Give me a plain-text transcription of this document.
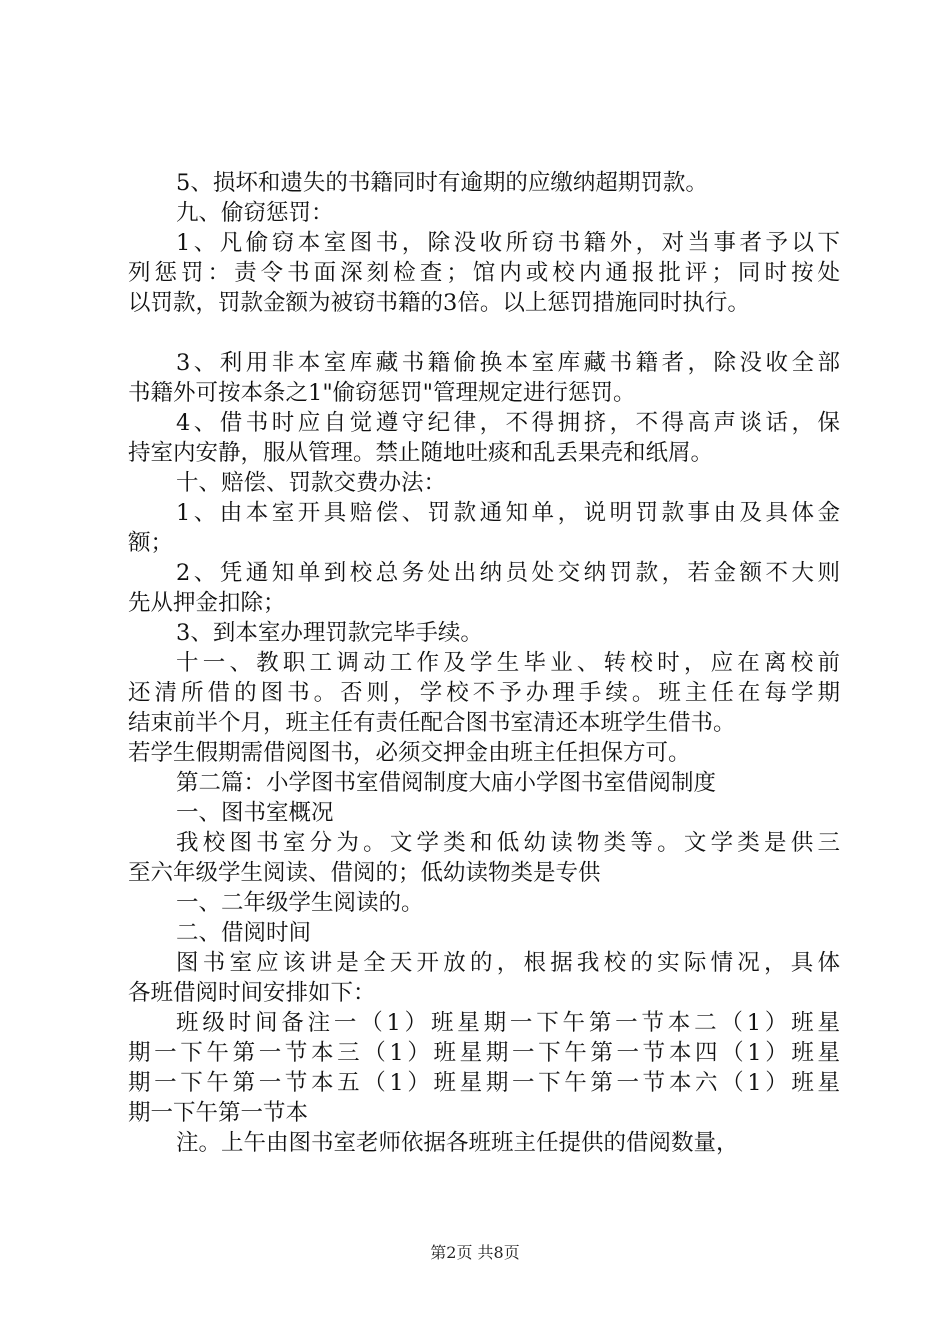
5、损坏和遗失的书籍同时有逾期的应缴纳超期罚款。
九、偷窃惩罚：
1、凡偷窃本室图书，除没收所窃书籍外，对当事者予以下
列惩罚：责令书面深刻检查；馆内或校内通报批评；同时按处
以罚款，罚款金额为被窃书籍的3倍。以上惩罚措施同时执行。
3、利用非本室库藏书籍偷换本室库藏书籍者，除没收全部
书籍外可按本条之1"偷窃惩罚"管理规定进行惩罚。
4、借书时应自觉遵守纪律，不得拥挤，不得高声谈话，保
持室内安静，服从管理。禁止随地吐痰和乱丢果壳和纸屑。
十、赔偿、罚款交费办法：
1、由本室开具赔偿、罚款通知单，说明罚款事由及具体金
额；
2、凭通知单到校总务处出纳员处交纳罚款，若金额不大则
先从押金扣除；
3、到本室办理罚款完毕手续。
十一、教职工调动工作及学生毕业、转校时，应在离校前
还清所借的图书。否则，学校不予办理手续。班主任在每学期
结束前半个月，班主任有责任配合图书室清还本班学生借书。
若学生假期需借阅图书，必须交押金由班主任担保方可。
第二篇：小学图书室借阅制度大庙小学图书室借阅制度
一、图书室概况
我校图书室分为。文学类和低幼读物类等。文学类是供三
至六年级学生阅读、借阅的；低幼读物类是专供
一、二年级学生阅读的。
二、借阅时间
图书室应该讲是全天开放的，根据我校的实际情况，具体
各班借阅时间安排如下：
班级时间备注一（1）班星期一下午第一节本二（1）班星
期一下午第一节本三（1）班星期一下午第一节本四（1）班星
期一下午第一节本五（1）班星期一下午第一节本六（1）班星
期一下午第一节本
注。上午由图书室老师依据各班班主任提供的借阅数量，
第2页 共8页
